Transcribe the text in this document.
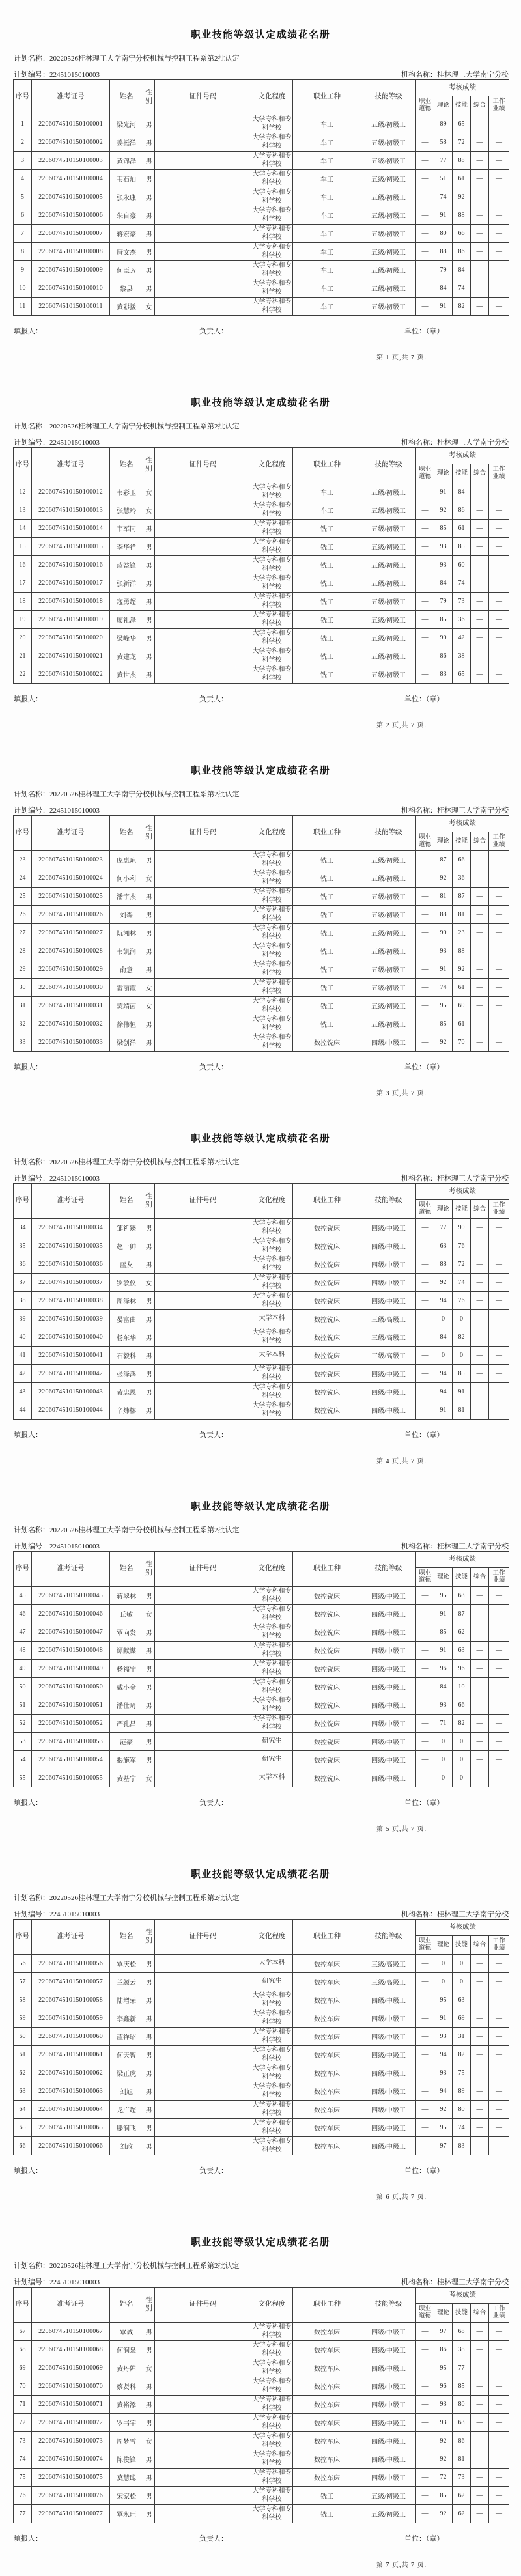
职业技能等级认定成绩花名册
计划名称：20220526桂林理工大学南宁分校机械与控制工程系第2批认定
计划编号：22451015010003	机构名称：桂林理工大学南宁分校
序号	准考证号	姓名	性别	证件号码	文化程度	职业工种	技能等级	考核成绩				
								职业道德	理论	技能	综合	工作业绩
1	2206074510150100001	梁光河	男		大学专科和专科学校	车工	五级/初级工	—	89	65	—	—
2	2206074510150100002	姜挺洋	男		大学专科和专科学校	车工	五级/初级工	—	58	72	—	—
3	2206074510150100003	黄锦泽	男		大学专科和专科学校	车工	五级/初级工	—	77	88	—	—
4	2206074510150100004	韦石灿	男		大学专科和专科学校	车工	五级/初级工	—	51	61	—	—
5	2206074510150100005	张永康	男		大学专科和专科学校	车工	五级/初级工	—	74	92	—	—
6	2206074510150100006	朱自豪	男		大学专科和专科学校	车工	五级/初级工	—	91	88	—	—
7	2206074510150100007	蒋宏豪	男		大学专科和专科学校	车工	五级/初级工	—	80	66	—	—
8	2206074510150100008	唐文杰	男		大学专科和专科学校	车工	五级/初级工	—	88	86	—	—
9	2206074510150100009	何臣芳	男		大学专科和专科学校	车工	五级/初级工	—	79	84	—	—
10	2206074510150100010	黎县	男		大学专科和专科学校	车工	五级/初级工	—	84	74	—	—
11	2206074510150100011	黄彩援	女		大学专科和专科学校	车工	五级/初级工	—	91	82	—	—
填报人：	负责人：	单位：（章）
第 1 页,共 7 页.
职业技能等级认定成绩花名册
计划名称：20220526桂林理工大学南宁分校机械与控制工程系第2批认定
计划编号：22451015010003	机构名称：桂林理工大学南宁分校
序号	准考证号	姓名	性别	证件号码	文化程度	职业工种	技能等级	考核成绩				
								职业道德	理论	技能	综合	工作业绩
12	2206074510150100012	韦彩玉	女		大学专科和专科学校	车工	五级/初级工	—	91	84	—	—
13	2206074510150100013	张慧玲	女		大学专科和专科学校	车工	五级/初级工	—	92	86	—	—
14	2206074510150100014	韦军同	男		大学专科和专科学校	铣工	五级/初级工	—	85	61	—	—
15	2206074510150100015	李华祥	男		大学专科和专科学校	铣工	五级/初级工	—	93	85	—	—
16	2206074510150100016	蓝益锋	男		大学专科和专科学校	铣工	五级/初级工	—	93	60	—	—
17	2206074510150100017	张新洋	男		大学专科和专科学校	铣工	五级/初级工	—	84	74	—	—
18	2206074510150100018	寇勇超	男		大学专科和专科学校	铣工	五级/初级工	—	79	73	—	—
19	2206074510150100019	廖礼泽	男		大学专科和专科学校	铣工	五级/初级工	—	85	36	—	—
20	2206074510150100020	梁峰华	男		大学专科和专科学校	铣工	五级/初级工	—	90	42	—	—
21	2206074510150100021	黄建龙	男		大学专科和专科学校	铣工	五级/初级工	—	86	38	—	—
22	2206074510150100022	黄世杰	男		大学专科和专科学校	铣工	五级/初级工	—	83	65	—	—
填报人：	负责人：	单位：（章）
第 2 页,共 7 页.
职业技能等级认定成绩花名册
计划名称：20220526桂林理工大学南宁分校机械与控制工程系第2批认定
计划编号：22451015010003	机构名称：桂林理工大学南宁分校
序号	准考证号	姓名	性别	证件号码	文化程度	职业工种	技能等级	考核成绩				
								职业道德	理论	技能	综合	工作业绩
23	2206074510150100023	庞惠琼	男		大学专科和专科学校	铣工	五级/初级工	—	87	66	—	—
24	2206074510150100024	何小利	女		大学专科和专科学校	铣工	五级/初级工	—	92	36	—	—
25	2206074510150100025	潘宇杰	男		大学专科和专科学校	铣工	五级/初级工	—	81	87	—	—
26	2206074510150100026	刘森	男		大学专科和专科学校	铣工	五级/初级工	—	88	81	—	—
27	2206074510150100027	阮湘林	男		大学专科和专科学校	铣工	五级/初级工	—	90	23	—	—
28	2206074510150100028	韦凯润	男		大学专科和专科学校	铣工	五级/初级工	—	93	88	—	—
29	2206074510150100029	俞意	男		大学专科和专科学校	铣工	五级/初级工	—	91	92	—	—
30	2206074510150100030	雷丽霞	女		大学专科和专科学校	铣工	五级/初级工	—	74	61	—	—
31	2206074510150100031	蒙靖茵	女		大学专科和专科学校	铣工	五级/初级工	—	95	69	—	—
32	2206074510150100032	徐伟恒	男		大学专科和专科学校	铣工	五级/初级工	—	85	61	—	—
33	2206074510150100033	梁创洋	男		大学专科和专科学校	数控铣床	四级/中级工	—	92	70	—	—
填报人：	负责人：	单位：（章）
第 3 页,共 7 页.
职业技能等级认定成绩花名册
计划名称：20220526桂林理工大学南宁分校机械与控制工程系第2批认定
计划编号：22451015010003	机构名称：桂林理工大学南宁分校
序号	准考证号	姓名	性别	证件号码	文化程度	职业工种	技能等级	考核成绩				
								职业道德	理论	技能	综合	工作业绩
34	2206074510150100034	邹祈臻	男		大学专科和专科学校	数控铣床	四级/中级工	—	77	90	—	—
35	2206074510150100035	赵一帅	男		大学专科和专科学校	数控铣床	四级/中级工	—	63	76	—	—
36	2206074510150100036	蓝友	男		大学专科和专科学校	数控铣床	四级/中级工	—	88	72	—	—
37	2206074510150100037	罗敏仪	女		大学专科和专科学校	数控铣床	四级/中级工	—	92	74	—	—
38	2206074510150100038	周泽林	男		大学专科和专科学校	数控铣床	四级/中级工	—	94	76	—	—
39	2206074510150100039	晏富由	男		大学本科	数控铣床	三级/高级工	—	0	0	—	—
40	2206074510150100040	杨东华	男		大学专科和专科学校	数控铣床	三级/高级工	—	84	82	—	—
41	2206074510150100041	石毅科	男		大学本科	数控铣床	三级/高级工	—	0	0	—	—
42	2206074510150100042	张泽鸿	男		大学专科和专科学校	数控铣床	四级/中级工	—	94	85	—	—
43	2206074510150100043	黄忠恩	男		大学专科和专科学校	数控铣床	四级/中级工	—	94	91	—	—
44	2206074510150100044	辛炜榕	男		大学专科和专科学校	数控铣床	四级/中级工	—	91	81	—	—
填报人：	负责人：	单位：（章）
第 4 页,共 7 页.
职业技能等级认定成绩花名册
计划名称：20220526桂林理工大学南宁分校机械与控制工程系第2批认定
计划编号：22451015010003	机构名称：桂林理工大学南宁分校
序号	准考证号	姓名	性别	证件号码	文化程度	职业工种	技能等级	考核成绩				
								职业道德	理论	技能	综合	工作业绩
45	2206074510150100045	蒋翠林	男		大学专科和专科学校	数控铣床	四级/中级工	—	95	63	—	—
46	2206074510150100046	丘敏	女		大学专科和专科学校	数控铣床	四级/中级工	—	91	87	—	—
47	2206074510150100047	覃向发	男		大学专科和专科学校	数控铣床	四级/中级工	—	85	62	—	—
48	2206074510150100048	谭献谋	男		大学专科和专科学校	数控铣床	四级/中级工	—	91	63	—	—
49	2206074510150100049	杨福宁	男		大学专科和专科学校	数控铣床	四级/中级工	—	96	96	—	—
50	2206074510150100050	戴小金	男		大学专科和专科学校	数控铣床	四级/中级工	—	84	10	—	—
51	2206074510150100051	潘仕琦	男		大学专科和专科学校	数控铣床	四级/中级工	—	93	66	—	—
52	2206074510150100052	严孔昌	男		大学专科和专科学校	数控铣床	四级/中级工	—	71	82	—	—
53	2206074510150100053	范豪	男		研究生	数控铣床	四级/中级工	—	0	0	—	—
54	2206074510150100054	揭施军	男		研究生	数控铣床	四级/中级工	—	0	0	—	—
55	2206074510150100055	黄基宁	女		大学本科	数控铣床	四级/中级工	—	0	0	—	—
填报人：	负责人：	单位：（章）
第 5 页,共 7 页.
职业技能等级认定成绩花名册
计划名称：20220526桂林理工大学南宁分校机械与控制工程系第2批认定
计划编号：22451015010003	机构名称：桂林理工大学南宁分校
序号	准考证号	姓名	性别	证件号码	文化程度	职业工种	技能等级	考核成绩				
								职业道德	理论	技能	综合	工作业绩
56	2206074510150100056	覃庆松	男		大学本科	数控车床	三级/高级工	—	0	0	—	—
57	2206074510150100057	兰颜云	男		研究生	数控车床	三级/高级工	—	0	0	—	—
58	2206074510150100058	陆增荣	男		大学专科和专科学校	数控车床	四级/中级工	—	95	63	—	—
59	2206074510150100059	李鑫新	男		大学专科和专科学校	数控车床	四级/中级工	—	91	69	—	—
60	2206074510150100060	蓝祥昭	男		大学专科和专科学校	数控车床	四级/中级工	—	93	31	—	—
61	2206074510150100061	何天智	男		大学专科和专科学校	数控车床	四级/中级工	—	94	82	—	—
62	2206074510150100062	梁正虎	男		大学专科和专科学校	数控车床	四级/中级工	—	93	75	—	—
63	2206074510150100063	刘旭	男		大学专科和专科学校	数控车床	四级/中级工	—	94	89	—	—
64	2206074510150100064	龙广超	男		大学专科和专科学校	数控车床	四级/中级工	—	92	80	—	—
65	2206074510150100065	滕润飞	男		大学专科和专科学校	数控车床	四级/中级工	—	95	74	—	—
66	2206074510150100066	刘政	男		大学专科和专科学校	数控车床	四级/中级工	—	97	83	—	—
填报人：	负责人：	单位：（章）
第 6 页,共 7 页.
职业技能等级认定成绩花名册
计划名称：20220526桂林理工大学南宁分校机械与控制工程系第2批认定
计划编号：22451015010003	机构名称：桂林理工大学南宁分校
序号	准考证号	姓名	性别	证件号码	文化程度	职业工种	技能等级	考核成绩				
								职业道德	理论	技能	综合	工作业绩
67	2206074510150100067	覃诚	男		大学专科和专科学校	数控车床	四级/中级工	—	97	68	—	—
68	2206074510150100068	何润泉	男		大学专科和专科学校	数控车床	四级/中级工	—	86	38	—	—
69	2206074510150100069	黄丹婵	女		大学专科和专科学校	数控车床	四级/中级工	—	95	77	—	—
70	2206074510150100070	蔡贤科	男		大学专科和专科学校	数控车床	四级/中级工	—	96	85	—	—
71	2206074510150100071	黄裕添	男		大学专科和专科学校	数控车床	四级/中级工	—	93	80	—	—
72	2206074510150100072	罗书宇	男		大学专科和专科学校	数控车床	四级/中级工	—	93	63	—	—
73	2206074510150100073	周梦雪	女		大学专科和专科学校	数控车床	四级/中级工	—	92	86	—	—
74	2206074510150100074	陈俊锋	男		大学专科和专科学校	数控车床	四级/中级工	—	92	81	—	—
75	2206074510150100075	莫慧聪	男		大学专科和专科学校	数控车床	四级/中级工	—	72	73	—	—
76	2206074510150100076	宋家松	男		大学专科和专科学校	铣工	五级/初级工	—	85	62	—	—
77	2206074510150100077	覃永旺	男		大学专科和专科学校	铣工	五级/初级工	—	92	62	—	—
填报人：	负责人：	单位：（章）
第 7 页,共 7 页.
